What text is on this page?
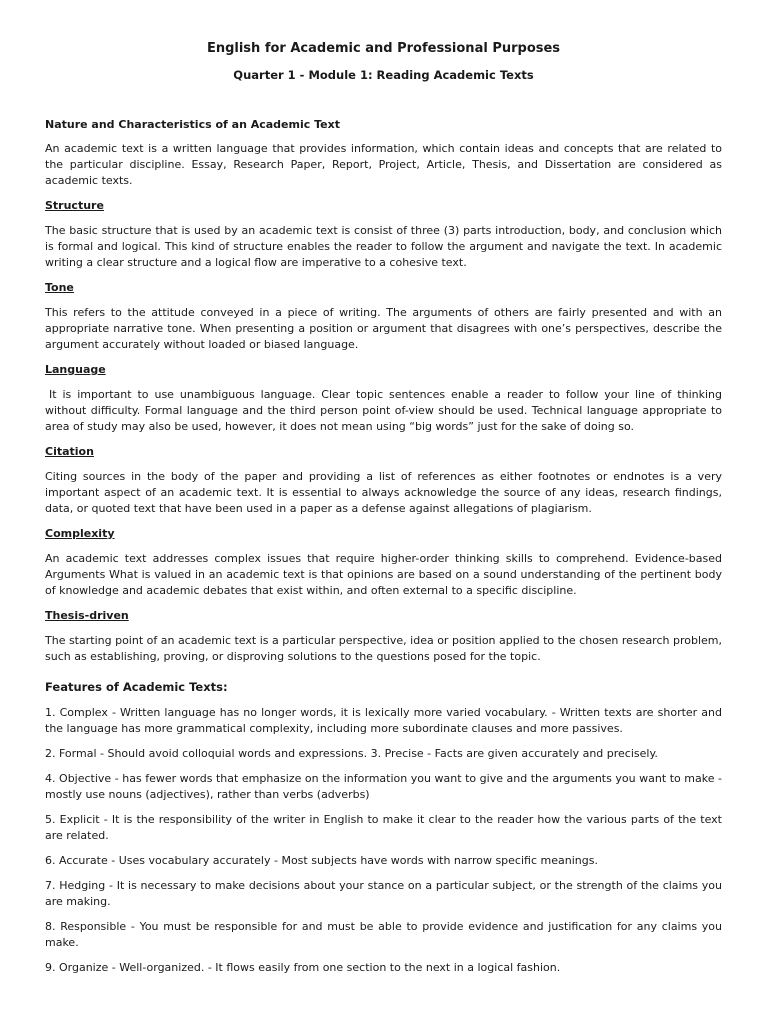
English for Academic and Professional Purposes
Quarter 1 - Module 1: Reading Academic Texts
Nature and Characteristics of an Academic Text

An academic text is a written language that provides information, which contain ideas and concepts that are related to the particular discipline. Essay, Research Paper, Report, Project, Article, Thesis, and Dissertation are considered as academic texts.

Structure

The basic structure that is used by an academic text is consist of three (3) parts introduction, body, and conclusion which is formal and logical. This kind of structure enables the reader to follow the argument and navigate the text. In academic writing a clear structure and a logical flow are imperative to a cohesive text.

Tone

This refers to the attitude conveyed in a piece of writing. The arguments of others are fairly presented and with an appropriate narrative tone. When presenting a position or argument that disagrees with one’s perspectives, describe the argument accurately without loaded or biased language.

Language

It is important to use unambiguous language. Clear topic sentences enable a reader to follow your line of thinking without difficulty. Formal language and the third person point of-view should be used. Technical language appropriate to area of study may also be used, however, it does not mean using “big words” just for the sake of doing so.

Citation

Citing sources in the body of the paper and providing a list of references as either footnotes or endnotes is a very important aspect of an academic text. It is essential to always acknowledge the source of any ideas, research findings, data, or quoted text that have been used in a paper as a defense against allegations of plagiarism.

Complexity

An academic text addresses complex issues that require higher-order thinking skills to comprehend. Evidence-based Arguments What is valued in an academic text is that opinions are based on a sound understanding of the pertinent body of knowledge and academic debates that exist within, and often external to a specific discipline.

Thesis-driven

The starting point of an academic text is a particular perspective, idea or position applied to the chosen research problem, such as establishing, proving, or disproving solutions to the questions posed for the topic.

Features of Academic Texts:
1. Complex - Written language has no longer words, it is lexically more varied vocabulary. - Written texts are shorter and the language has more grammatical complexity, including more subordinate clauses and more passives.
2. Formal - Should avoid colloquial words and expressions. 3. Precise - Facts are given accurately and precisely.
4. Objective - has fewer words that emphasize on the information you want to give and the arguments you want to make - mostly use nouns (adjectives), rather than verbs (adverbs)
5. Explicit - It is the responsibility of the writer in English to make it clear to the reader how the various parts of the text are related.
6. Accurate - Uses vocabulary accurately - Most subjects have words with narrow specific meanings.
7. Hedging - It is necessary to make decisions about your stance on a particular subject, or the strength of the claims you are making.
8. Responsible - You must be responsible for and must be able to provide evidence and justification for any claims you make.
9. Organize - Well-organized. - It flows easily from one section to the next in a logical fashion.
